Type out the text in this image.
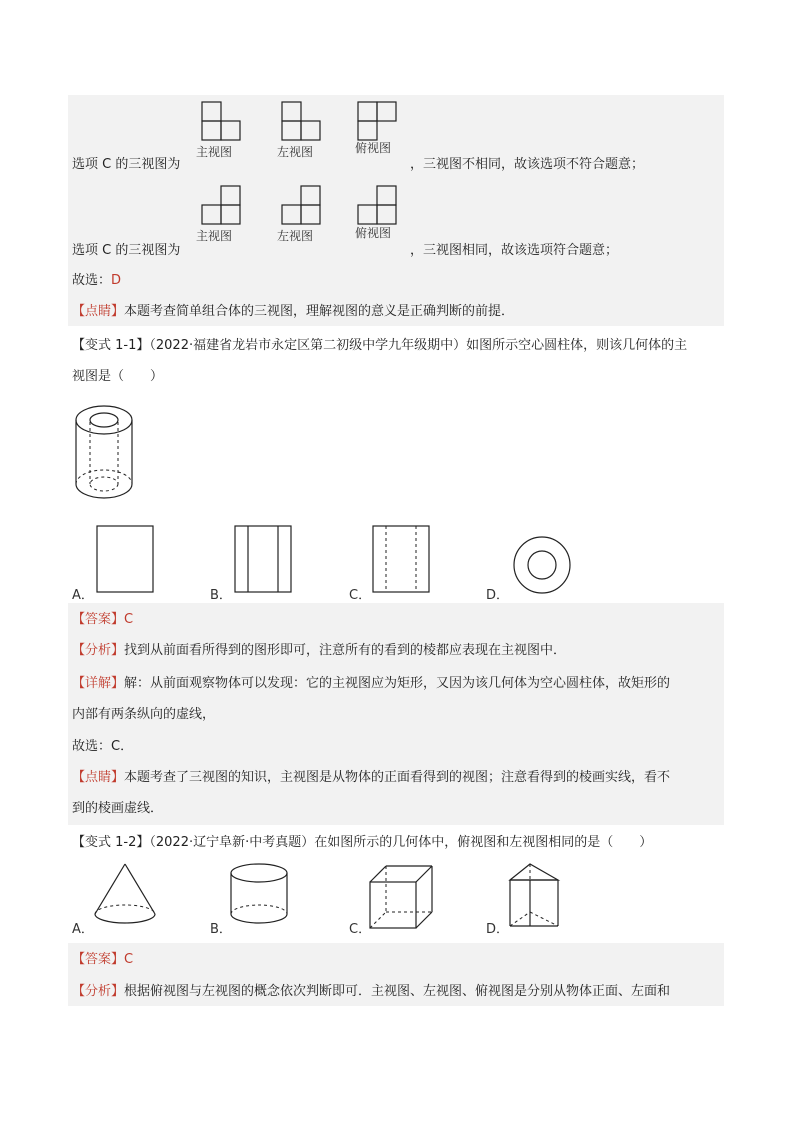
主视图	左视图	俯视图
选项 C 的三视图为	，三视图不相同，故该选项不符合题意；
主视图	左视图	俯视图
选项 C 的三视图为	，三视图相同，故该选项符合题意；
故选：D
【点睛】本题考查简单组合体的三视图，理解视图的意义是正确判断的前提．
【变式 1-1】（2022·福建省龙岩市永定区第二初级中学九年级期中）如图所示空心圆柱体，则该几何体的主
视图是（　　）
A．	B．	C．	D．
【答案】C
【分析】找到从前面看所得到的图形即可，注意所有的看到的棱都应表现在主视图中．
【详解】解：从前面观察物体可以发现：它的主视图应为矩形，又因为该几何体为空心圆柱体，故矩形的
内部有两条纵向的虚线，
故选：C．
【点睛】本题考查了三视图的知识，主视图是从物体的正面看得到的视图；注意看得到的棱画实线，看不
到的棱画虚线．
【变式 1-2】（2022·辽宁阜新·中考真题）在如图所示的几何体中，俯视图和左视图相同的是（　　）
A．	B．	C．	D．
【答案】C
【分析】根据俯视图与左视图的概念依次判断即可．主视图、左视图、俯视图是分别从物体正面、左面和
